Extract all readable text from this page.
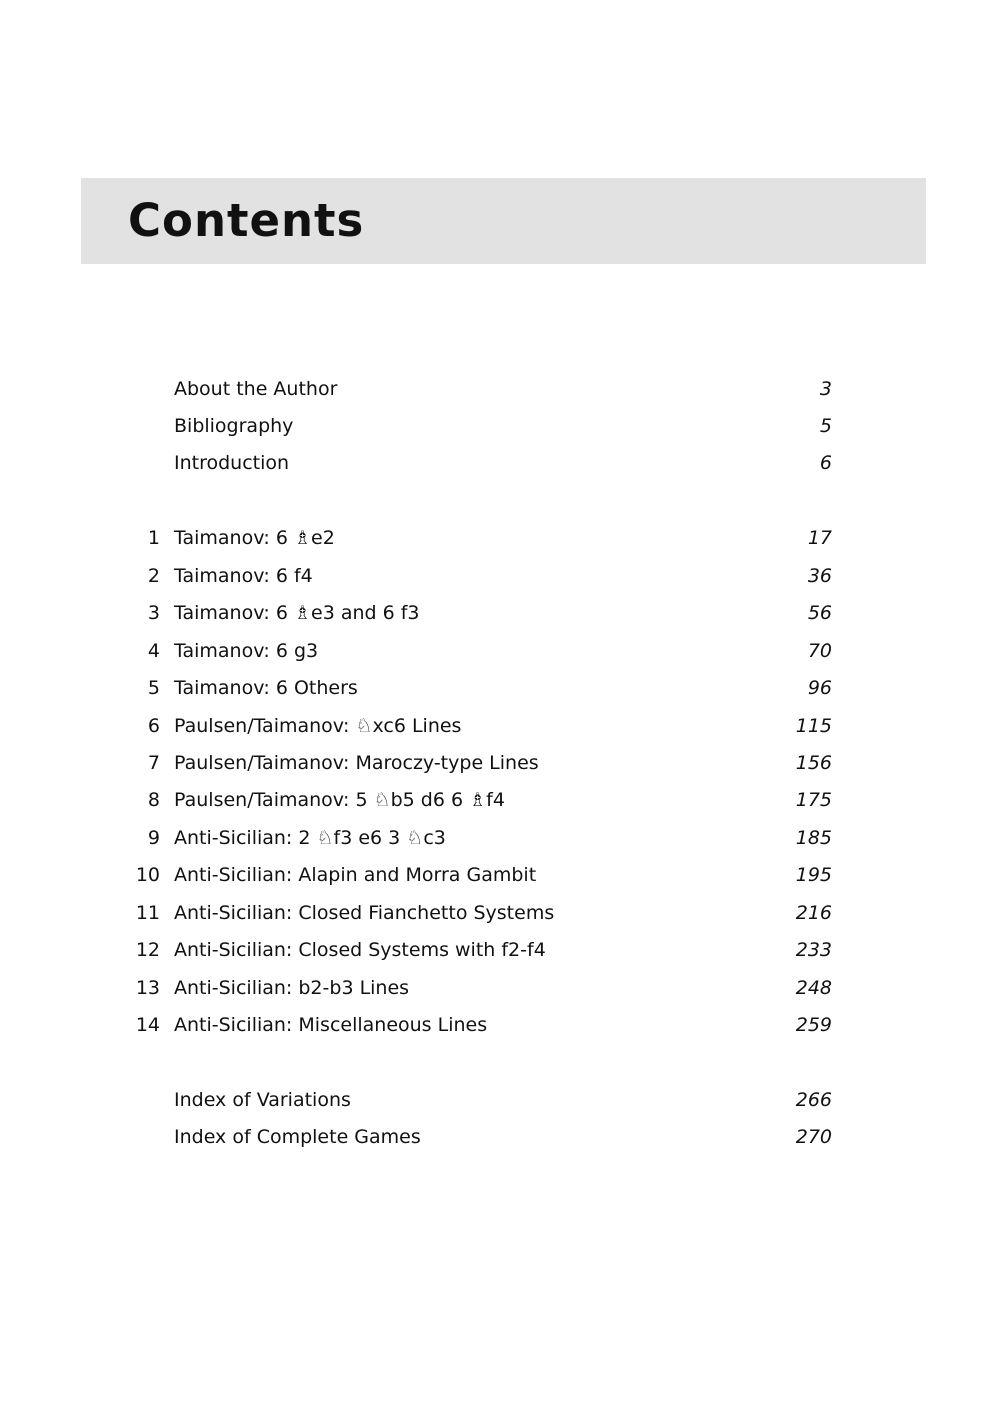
Contents
About the Author	3
Bibliography	5
Introduction	6
1 Taimanov: 6 ♗e2	17
2 Taimanov: 6 f4	36
3 Taimanov: 6 ♗e3 and 6 f3	56
4 Taimanov: 6 g3	70
5 Taimanov: 6 Others	96
6 Paulsen/Taimanov: ♘xc6 Lines	115
7 Paulsen/Taimanov: Maroczy-type Lines	156
8 Paulsen/Taimanov: 5 ♘b5 d6 6 ♗f4	175
9 Anti-Sicilian: 2 ♘f3 e6 3 ♘c3	185
10 Anti-Sicilian: Alapin and Morra Gambit	195
11 Anti-Sicilian: Closed Fianchetto Systems	216
12 Anti-Sicilian: Closed Systems with f2-f4	233
13 Anti-Sicilian: b2-b3 Lines	248
14 Anti-Sicilian: Miscellaneous Lines	259
Index of Variations	266
Index of Complete Games	270
